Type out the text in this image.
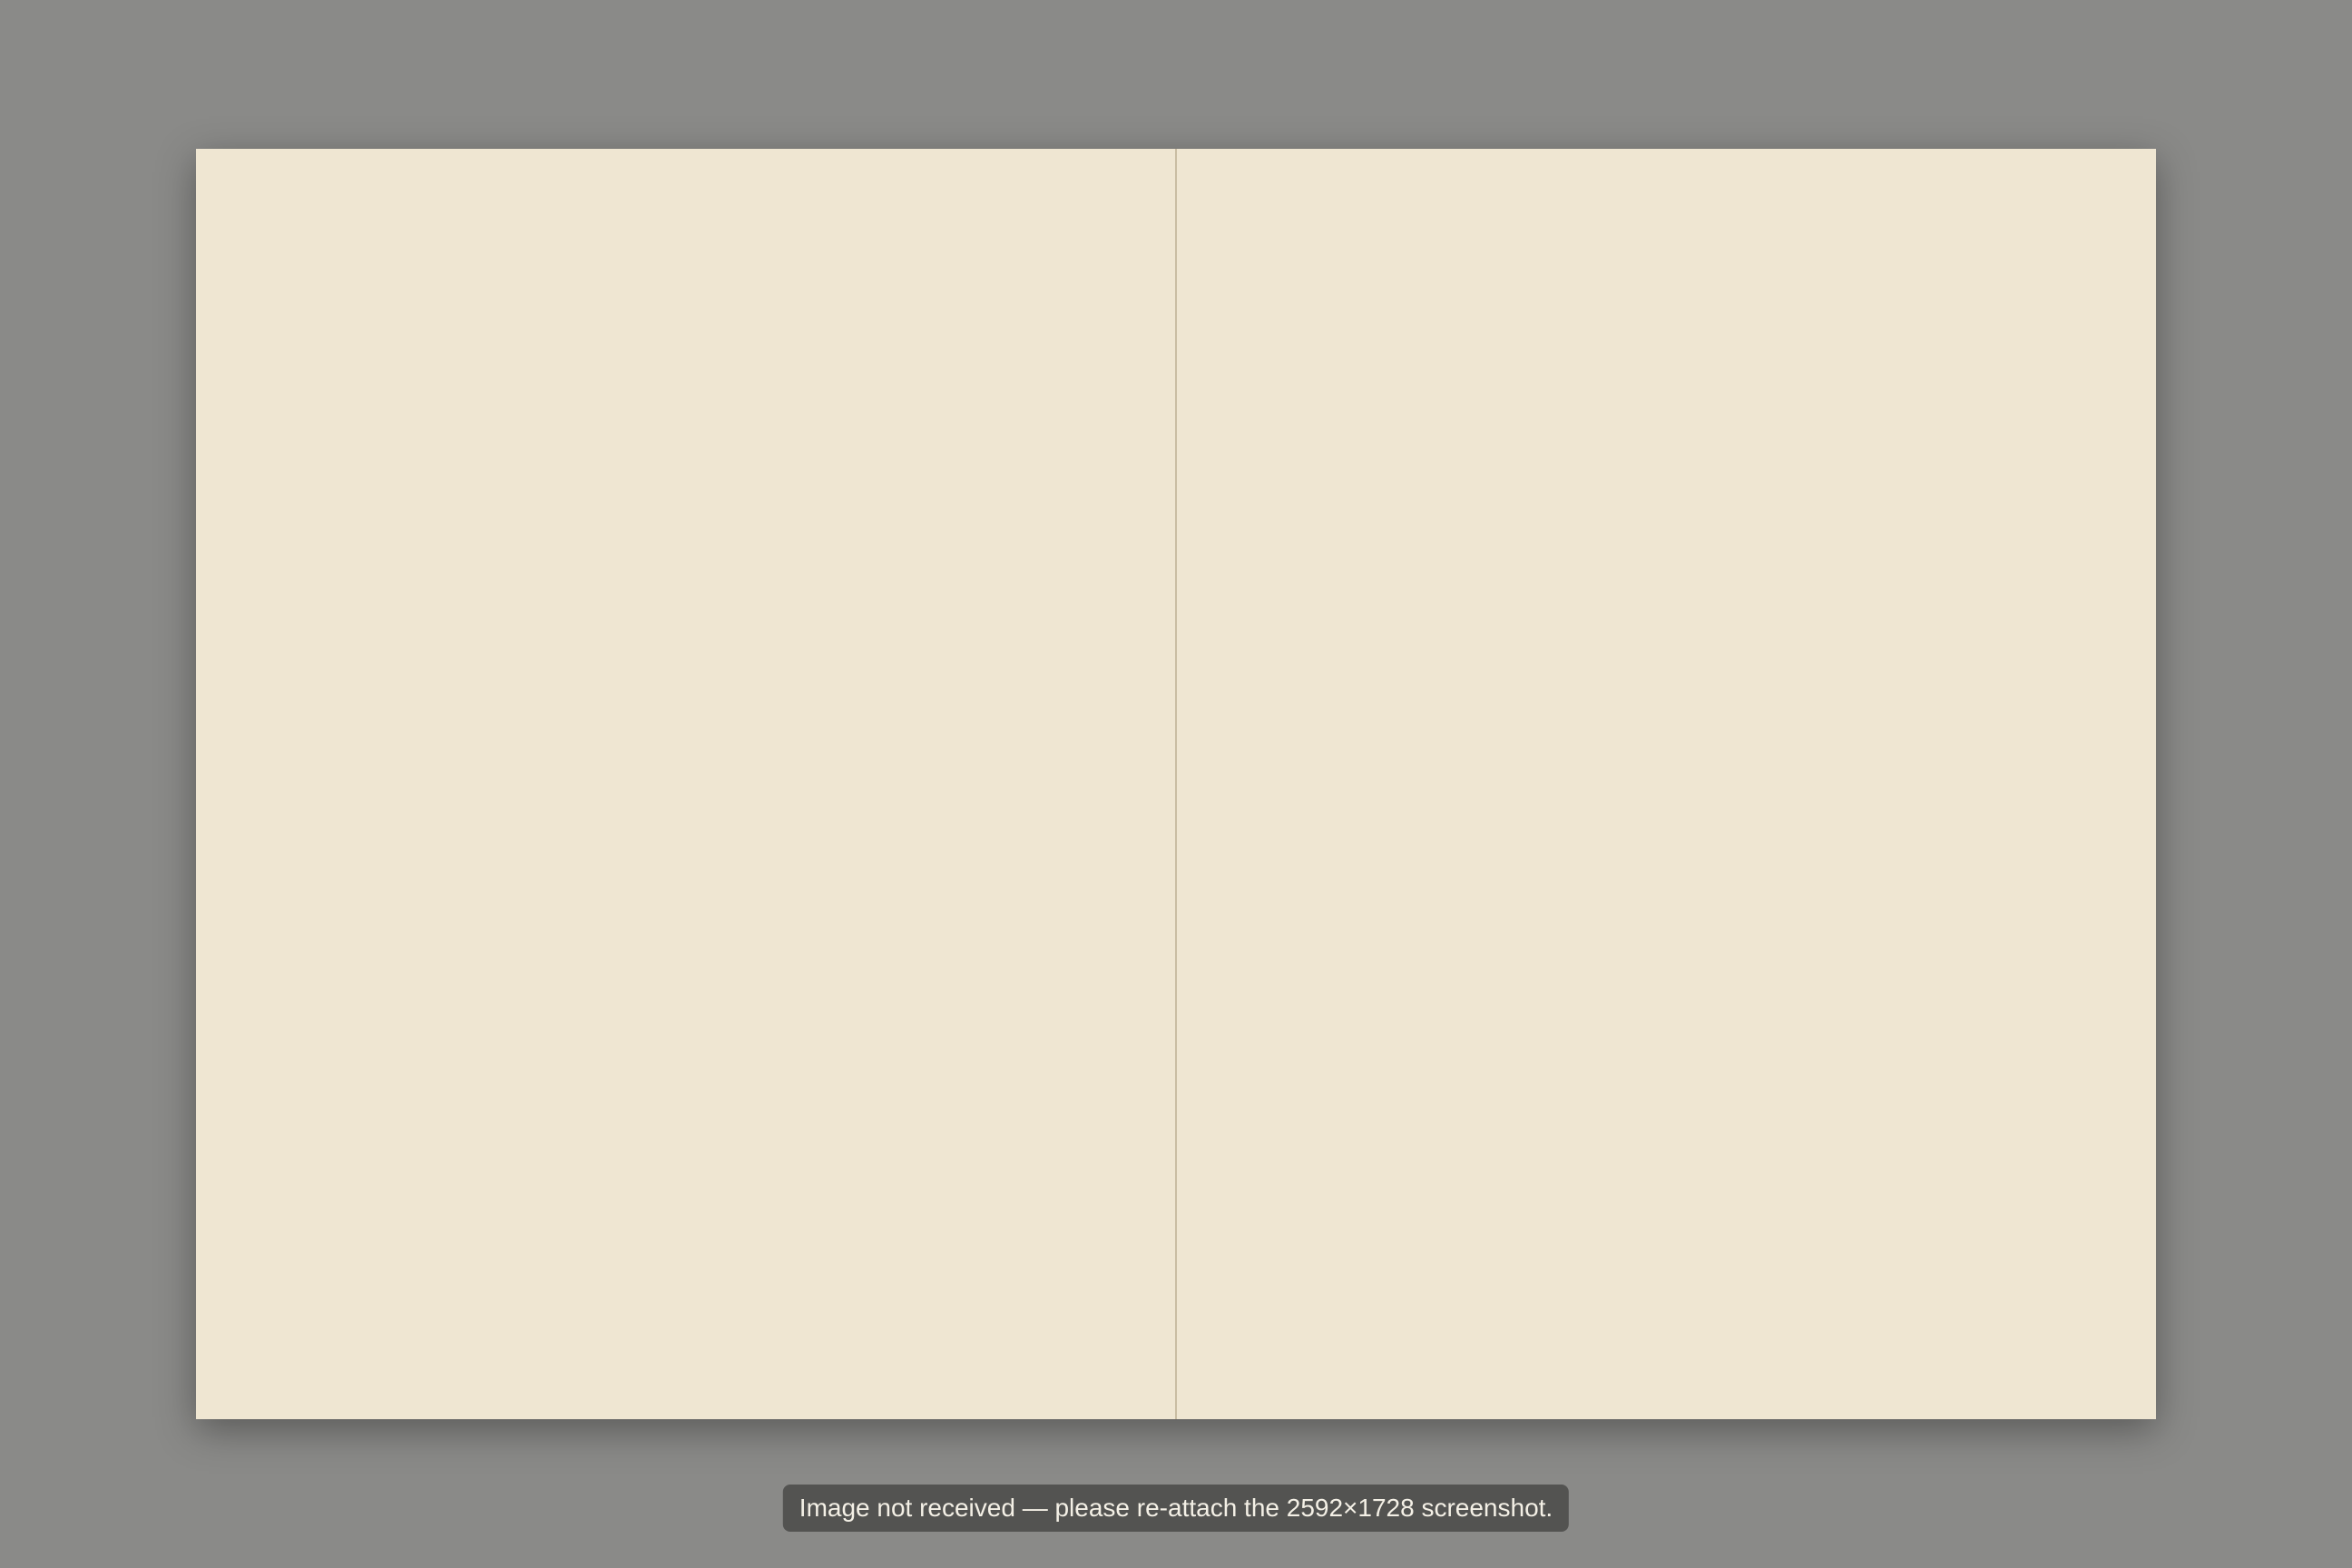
Image not received — please re-attach the 2592×1728 screenshot.
